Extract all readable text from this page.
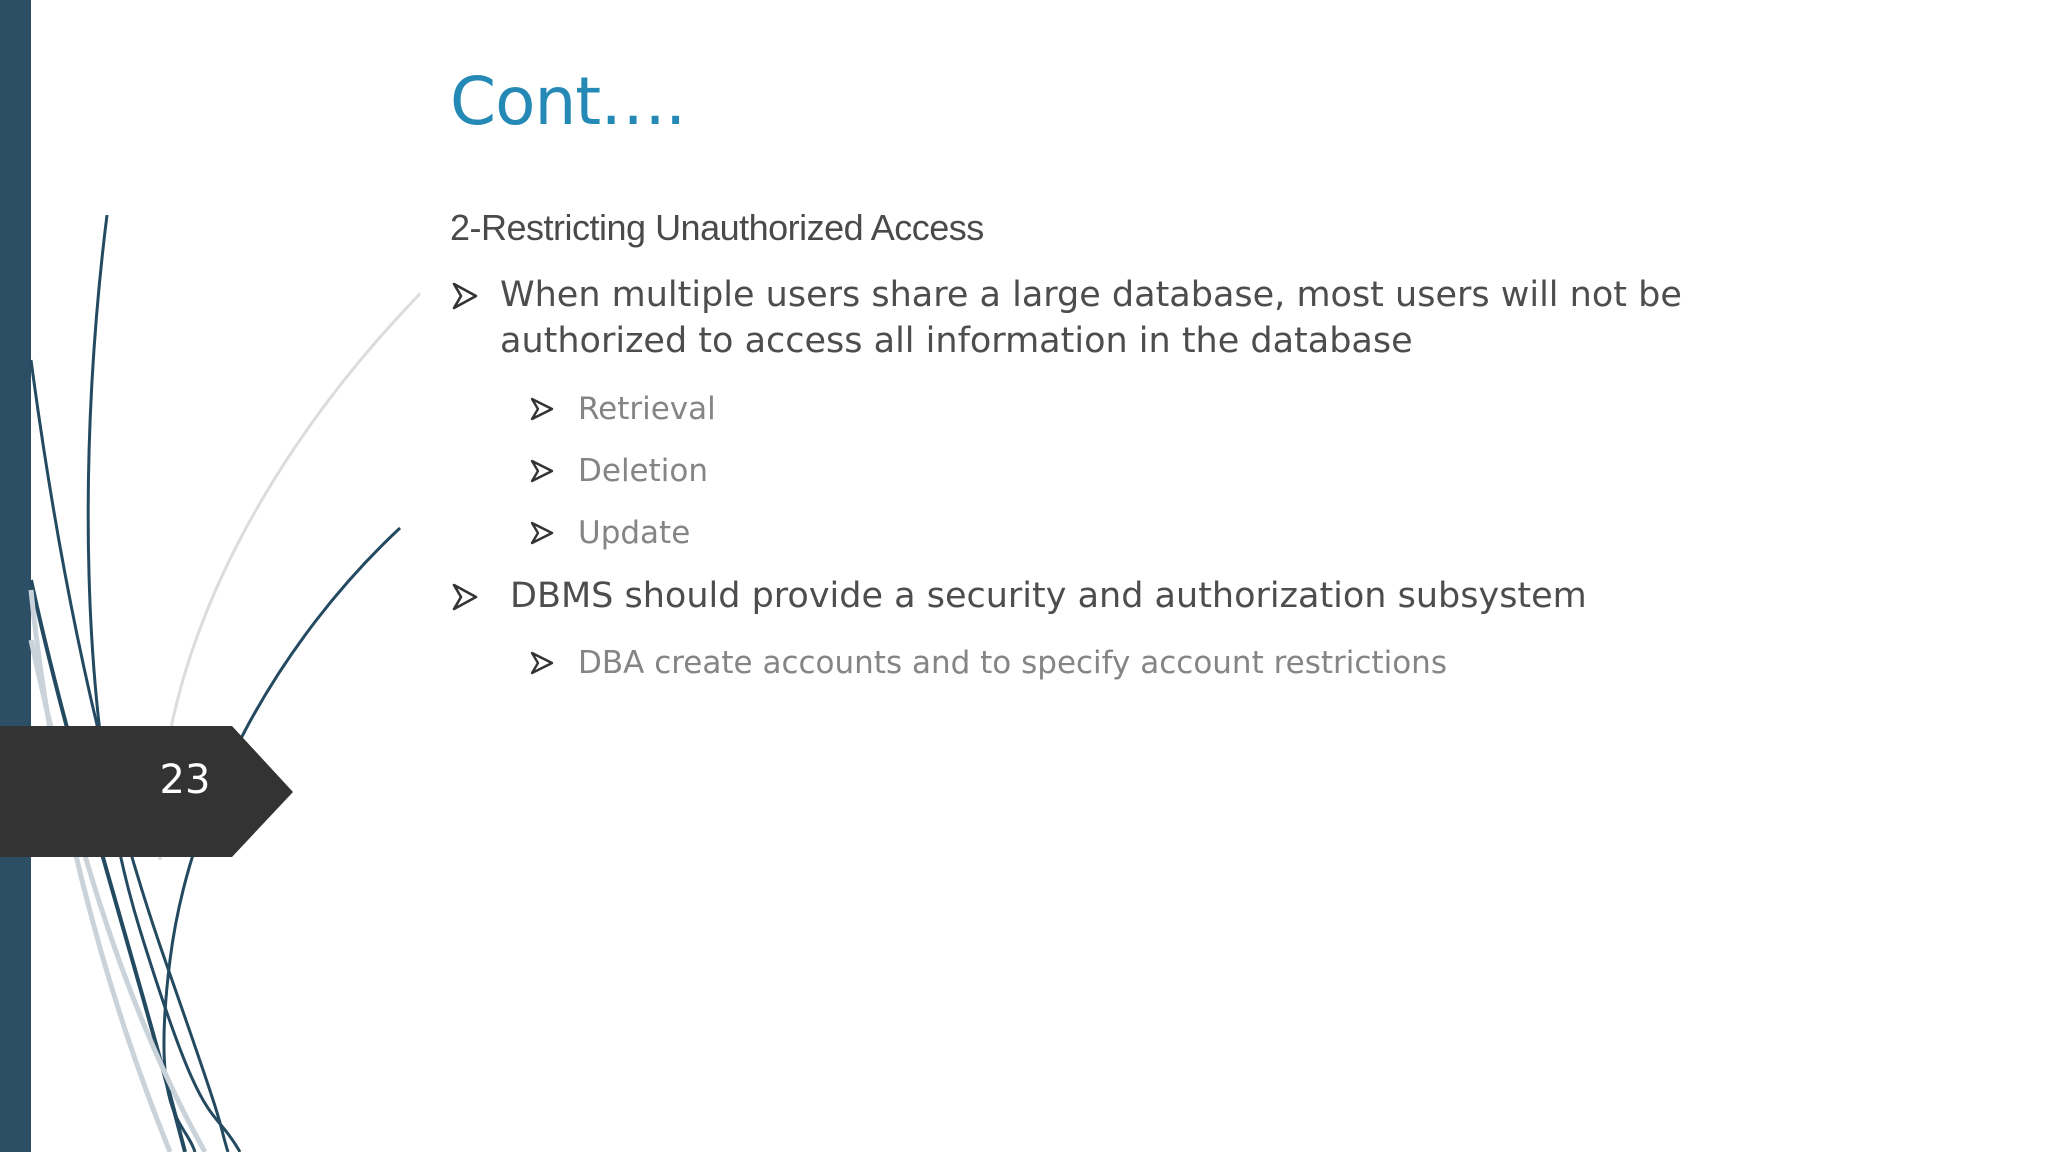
23
Cont….
2-Restricting Unauthorized Access
When multiple users share a large database, most users will not be authorized to access all information in the database
Retrieval
Deletion
Update
DBMS should provide a security and authorization subsystem
DBA create accounts and to specify account restrictions
